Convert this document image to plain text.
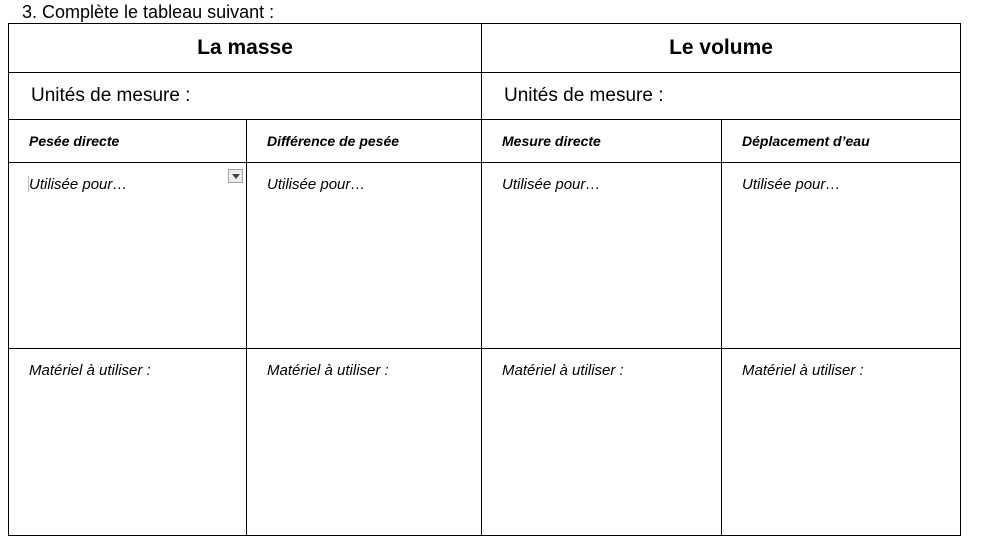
3. Complète le tableau suivant :
La masse		Le volume	
Unités de mesure :		Unités de mesure :	
Pesée directe	Différence de pesée	Mesure directe	Déplacement d’eau

Utilisée pour…	Utilisée pour…	Utilisée pour…	Utilisée pour…

Matériel à utiliser :	Matériel à utiliser :	Matériel à utiliser :	Matériel à utiliser :
